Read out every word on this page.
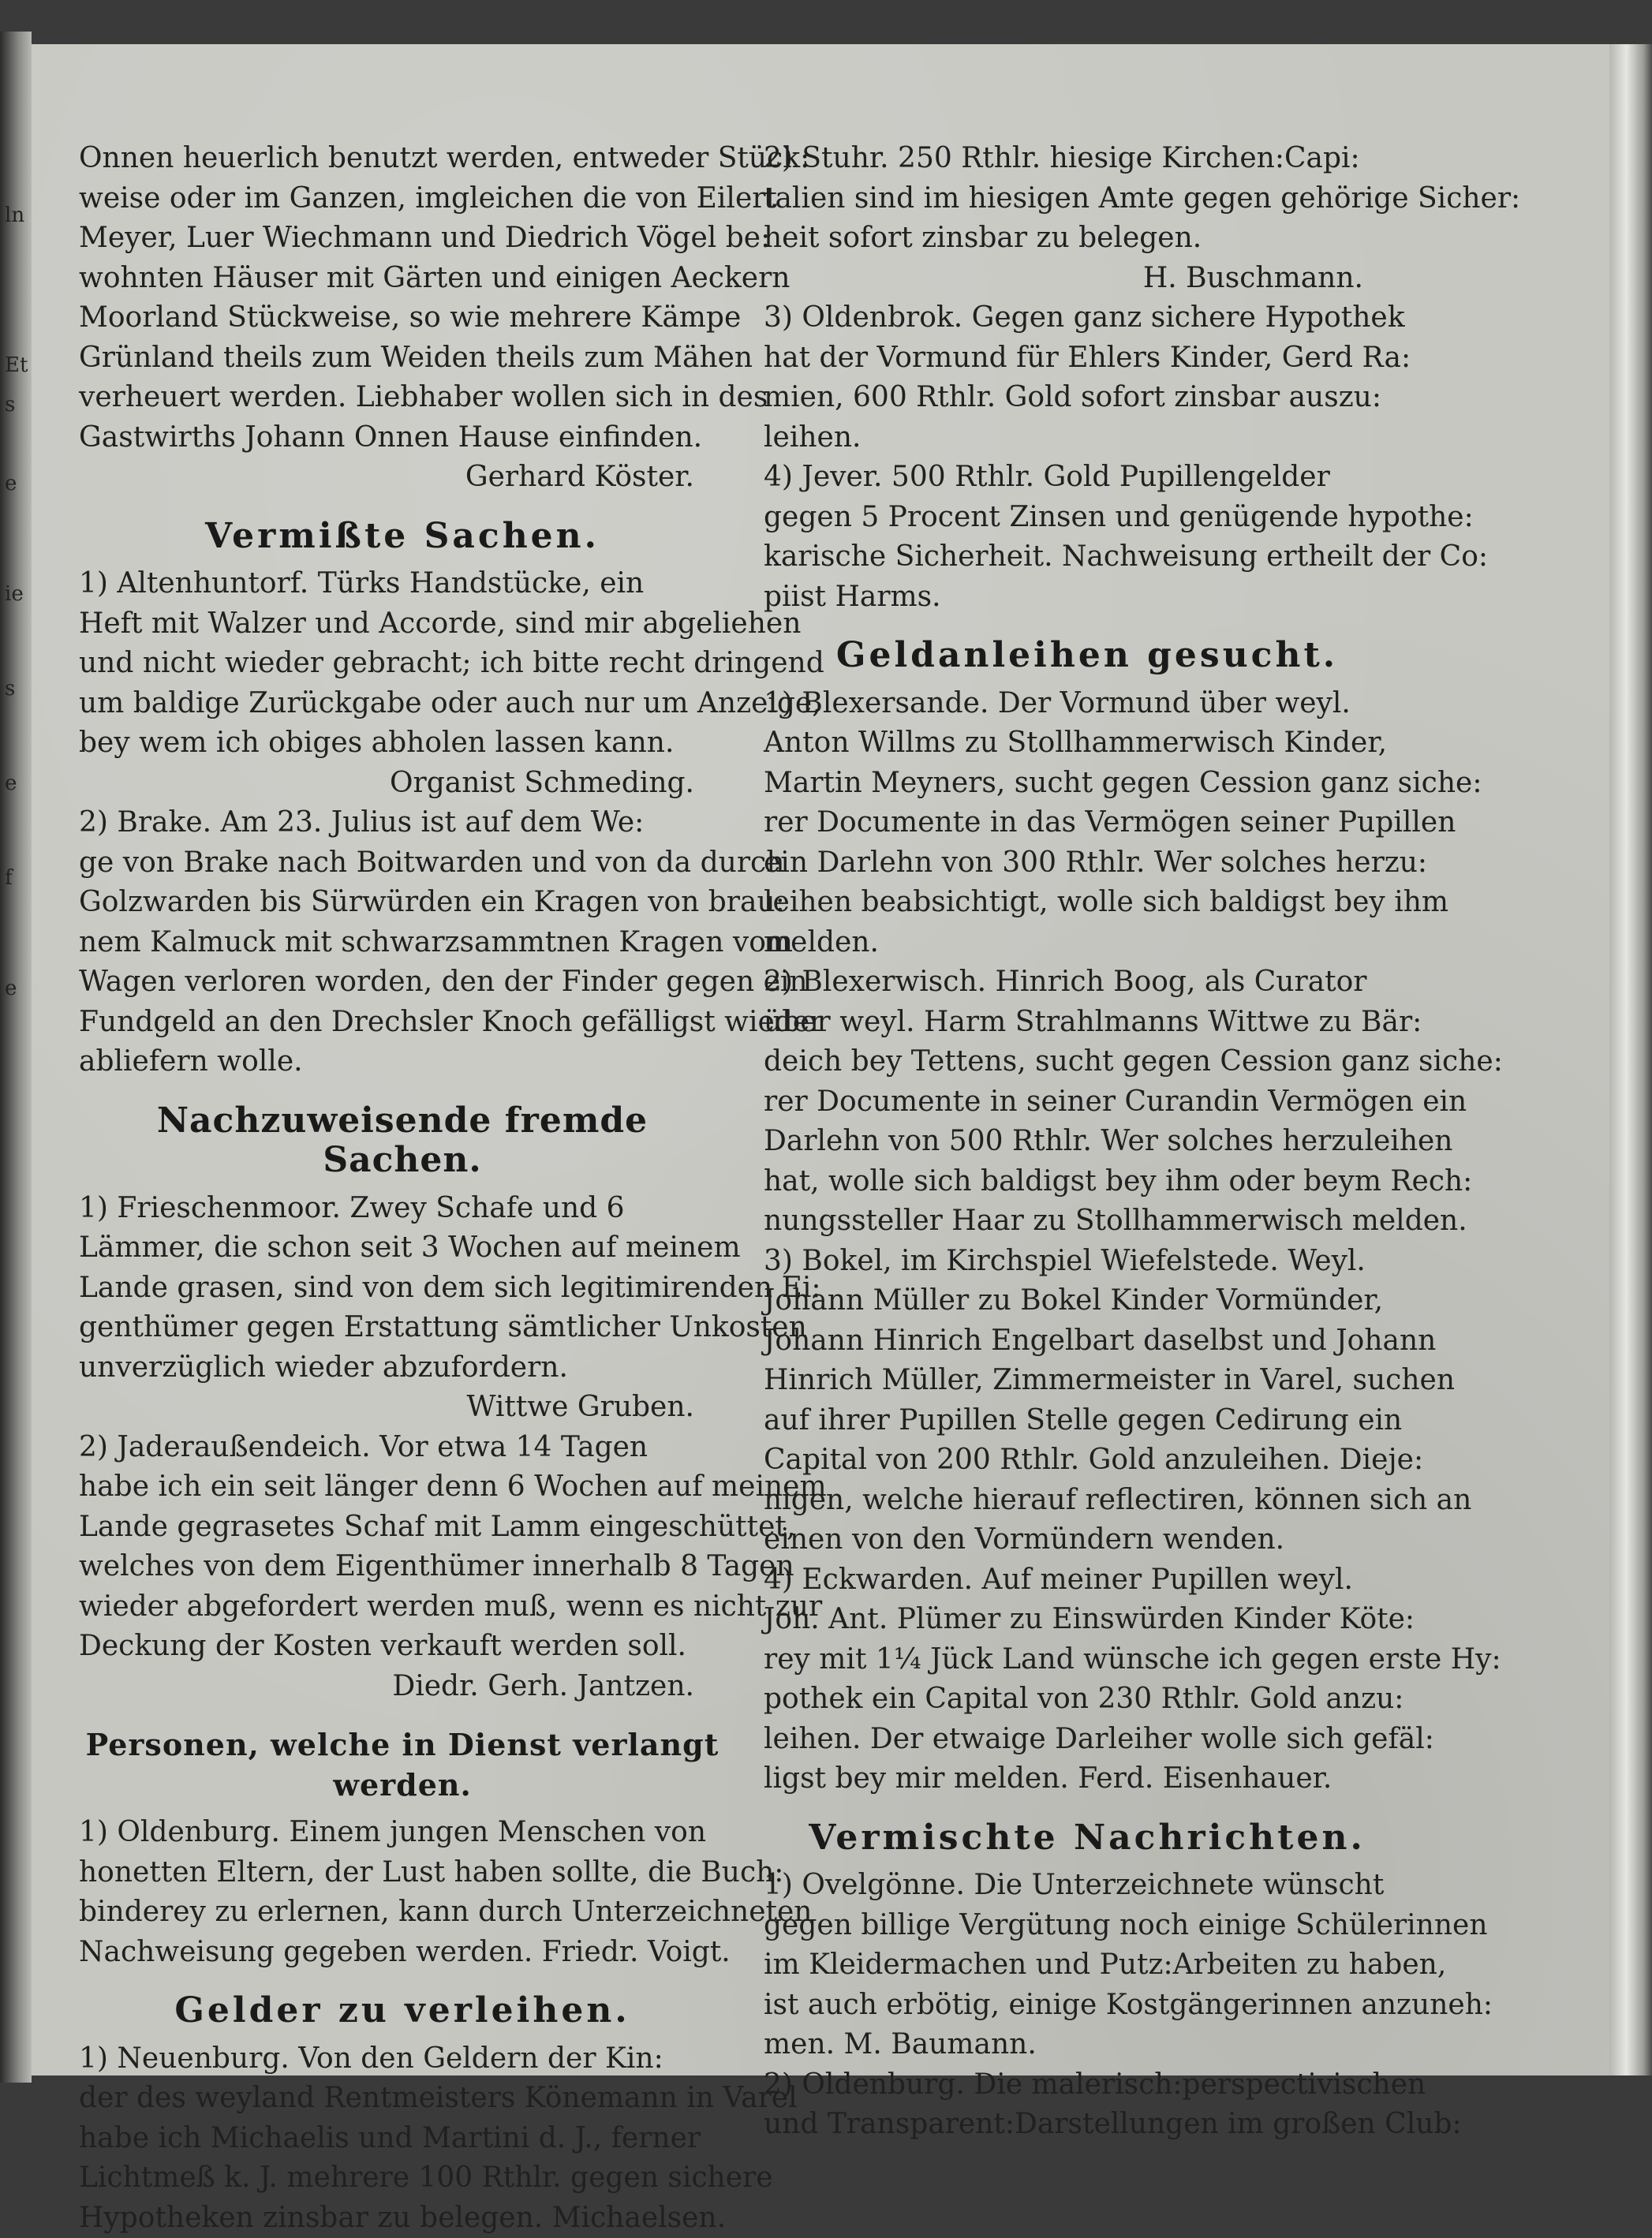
ln
Et
s
e
ie
s
e
f
e
Onnen heuerlich benutzt werden, entweder Stück:
weise oder im Ganzen, imgleichen die von Eilert
Meyer, Luer Wiechmann und Diedrich Vögel be:
wohnten Häuser mit Gärten und einigen Aeckern
Moorland Stückweise, so wie mehrere Kämpe
Grünland theils zum Weiden theils zum Mähen
verheuert werden. Liebhaber wollen sich in des
Gastwirths Johann Onnen Hause einfinden.
Gerhard Köster.
Vermißte Sachen.
1) Altenhuntorf. Türks Handstücke, ein
Heft mit Walzer und Accorde, sind mir abgeliehen
und nicht wieder gebracht; ich bitte recht dringend
um baldige Zurückgabe oder auch nur um Anzeige,
bey wem ich obiges abholen lassen kann.
Organist Schmeding.
2) Brake. Am 23. Julius ist auf dem We:
ge von Brake nach Boitwarden und von da durch
Golzwarden bis Sürwürden ein Kragen von brau:
nem Kalmuck mit schwarzsammtnen Kragen vom
Wagen verloren worden, den der Finder gegen ein
Fundgeld an den Drechsler Knoch gefälligst wieder
abliefern wolle.
Nachzuweisende fremde Sachen.
1) Frieschenmoor. Zwey Schafe und 6
Lämmer, die schon seit 3 Wochen auf meinem
Lande grasen, sind von dem sich legitimirenden Ei:
genthümer gegen Erstattung sämtlicher Unkosten
unverzüglich wieder abzufordern.
Wittwe Gruben.
2) Jaderaußendeich. Vor etwa 14 Tagen
habe ich ein seit länger denn 6 Wochen auf meinem
Lande gegrasetes Schaf mit Lamm eingeschüttet,
welches von dem Eigenthümer innerhalb 8 Tagen
wieder abgefordert werden muß, wenn es nicht zur
Deckung der Kosten verkauft werden soll.
Diedr. Gerh. Jantzen.
Personen, welche in Dienst verlangt werden.
1) Oldenburg. Einem jungen Menschen von
honetten Eltern, der Lust haben sollte, die Buch:
binderey zu erlernen, kann durch Unterzeichneten
Nachweisung gegeben werden. Friedr. Voigt.
Gelder zu verleihen.
1) Neuenburg. Von den Geldern der Kin:
der des weyland Rentmeisters Könemann in Varel
habe ich Michaelis und Martini d. J., ferner
Lichtmeß k. J. mehrere 100 Rthlr. gegen sichere
Hypotheken zinsbar zu belegen. Michaelsen.
2) Stuhr. 250 Rthlr. hiesige Kirchen:Capi:
talien sind im hiesigen Amte gegen gehörige Sicher:
heit sofort zinsbar zu belegen.
H. Buschmann.
3) Oldenbrok. Gegen ganz sichere Hypothek
hat der Vormund für Ehlers Kinder, Gerd Ra:
mien, 600 Rthlr. Gold sofort zinsbar auszu:
leihen.
4) Jever. 500 Rthlr. Gold Pupillengelder
gegen 5 Procent Zinsen und genügende hypothe:
karische Sicherheit. Nachweisung ertheilt der Co:
piist Harms.
Geldanleihen gesucht.
1) Blexersande. Der Vormund über weyl.
Anton Willms zu Stollhammerwisch Kinder,
Martin Meyners, sucht gegen Cession ganz siche:
rer Documente in das Vermögen seiner Pupillen
ein Darlehn von 300 Rthlr. Wer solches herzu:
leihen beabsichtigt, wolle sich baldigst bey ihm
melden.
2) Blexerwisch. Hinrich Boog, als Curator
über weyl. Harm Strahlmanns Wittwe zu Bär:
deich bey Tettens, sucht gegen Cession ganz siche:
rer Documente in seiner Curandin Vermögen ein
Darlehn von 500 Rthlr. Wer solches herzuleihen
hat, wolle sich baldigst bey ihm oder beym Rech:
nungssteller Haar zu Stollhammerwisch melden.
3) Bokel, im Kirchspiel Wiefelstede. Weyl.
Johann Müller zu Bokel Kinder Vormünder,
Johann Hinrich Engelbart daselbst und Johann
Hinrich Müller, Zimmermeister in Varel, suchen
auf ihrer Pupillen Stelle gegen Cedirung ein
Capital von 200 Rthlr. Gold anzuleihen. Dieje:
nigen, welche hierauf reflectiren, können sich an
einen von den Vormündern wenden.
4) Eckwarden. Auf meiner Pupillen weyl.
Joh. Ant. Plümer zu Einswürden Kinder Köte:
rey mit 1¼ Jück Land wünsche ich gegen erste Hy:
pothek ein Capital von 230 Rthlr. Gold anzu:
leihen. Der etwaige Darleiher wolle sich gefäl:
ligst bey mir melden. Ferd. Eisenhauer.
Vermischte Nachrichten.
1) Ovelgönne. Die Unterzeichnete wünscht
gegen billige Vergütung noch einige Schülerinnen
im Kleidermachen und Putz:Arbeiten zu haben,
ist auch erbötig, einige Kostgängerinnen anzuneh:
men. M. Baumann.
2) Oldenburg. Die malerisch:perspectivischen
und Transparent:Darstellungen im großen Club:
